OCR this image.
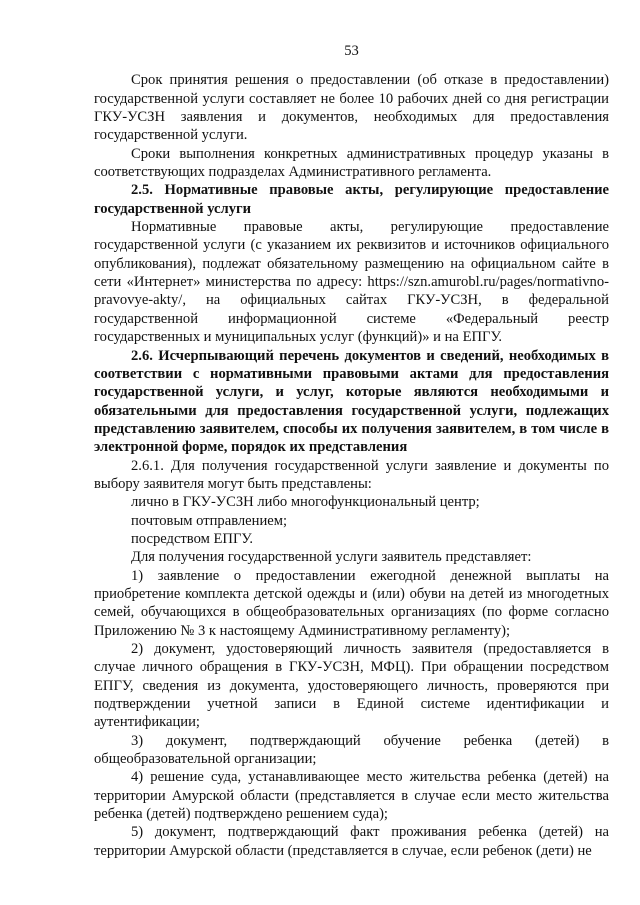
53

Срок принятия решения о предоставлении (об отказе в предоставлении) государственной услуги составляет не более 10 рабочих дней со дня регистрации ГКУ-УСЗН заявления и документов, необходимых для предоставления государственной услуги.

Сроки выполнения конкретных административных процедур указаны в соответствующих подразделах Административного регламента.

2.5. Нормативные правовые акты, регулирующие предоставление государственной услуги

Нормативные правовые акты, регулирующие предоставление государственной услуги (с указанием их реквизитов и источников официального опубликования), подлежат обязательному размещению на официальном сайте в сети «Интернет» министерства по адресу: https://szn.amurobl.ru/pages/normativno-pravovye-akty/, на официальных сайтах ГКУ-УСЗН, в федеральной государственной информационной системе «Федеральный реестр государственных и муниципальных услуг (функций)» и на ЕПГУ.

2.6. Исчерпывающий перечень документов и сведений, необходимых в соответствии с нормативными правовыми актами для предоставления государственной услуги, и услуг, которые являются необходимыми и обязательными для предоставления государственной услуги, подлежащих представлению заявителем, способы их получения заявителем, в том числе в электронной форме, порядок их представления

2.6.1. Для получения государственной услуги заявление и документы по выбору заявителя могут быть представлены:

лично в ГКУ-УСЗН либо многофункциональный центр;

почтовым отправлением;

посредством ЕПГУ.

Для получения государственной услуги заявитель представляет:

1) заявление о предоставлении ежегодной денежной выплаты на приобретение комплекта детской одежды и (или) обуви на детей из многодетных семей, обучающихся в общеобразовательных организациях (по форме согласно Приложению № 3 к настоящему Административному регламенту);

2) документ, удостоверяющий личность заявителя (предоставляется в случае личного обращения в ГКУ-УСЗН, МФЦ). При обращении посредством ЕПГУ, сведения из документа, удостоверяющего личность, проверяются при подтверждении учетной записи в Единой системе идентификации и аутентификации;

3) документ, подтверждающий обучение ребенка (детей) в общеобразовательной организации;

4) решение суда, устанавливающее место жительства ребенка (детей) на территории Амурской области (представляется в случае если место жительства ребенка (детей) подтверждено решением суда);

5) документ, подтверждающий факт проживания ребенка (детей) на территории Амурской области (представляется в случае, если ребенок (дети) не
